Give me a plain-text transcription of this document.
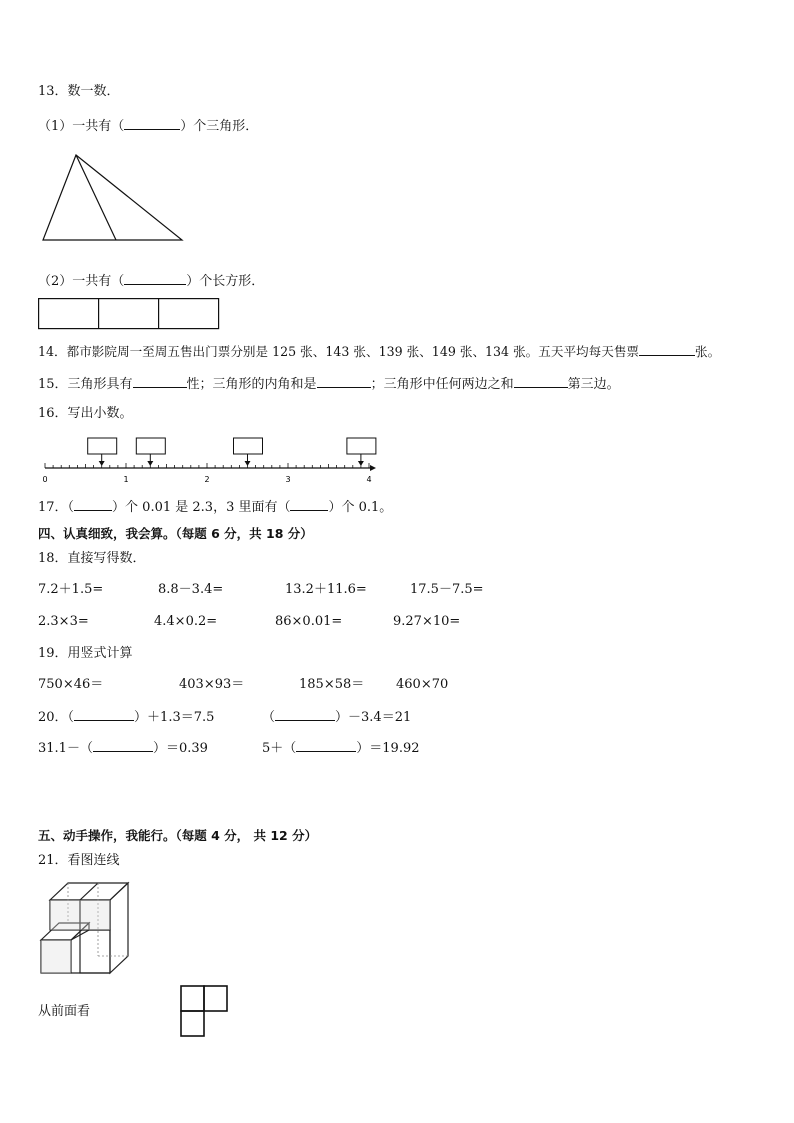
13．数一数．
（1）一共有（	）个三角形．
（2）一共有（	）个长方形．
14．都市影院周一至周五售出门票分别是 125 张、143 张、139 张、149 张、134 张。五天平均每天售票	张。
15．三角形具有	性；三角形的内角和是	；三角形中任何两边之和	第三边。
16．写出小数。
0	1	2	3	4
17．（	）个 0.01 是 2.3，3 里面有（	）个 0.1。
四、认真细致，我会算。（每题 6 分，共 18 分）
18．直接写得数．
7.2＋1.5=	8.8－3.4=	13.2＋11.6=	17.5－7.5=
2.3×3=	4.4×0.2=	86×0.01=	9.27×10=
19．用竖式计算
750×46＝	403×93＝	185×58＝ 460×70
20．（	）＋1.3＝7.5	（	）－3.4＝21
31.1－（	）＝0.39	5＋（	）＝19.92
五、动手操作，我能行。（每题 4 分， 共 12 分）
21．看图连线
从前面看
